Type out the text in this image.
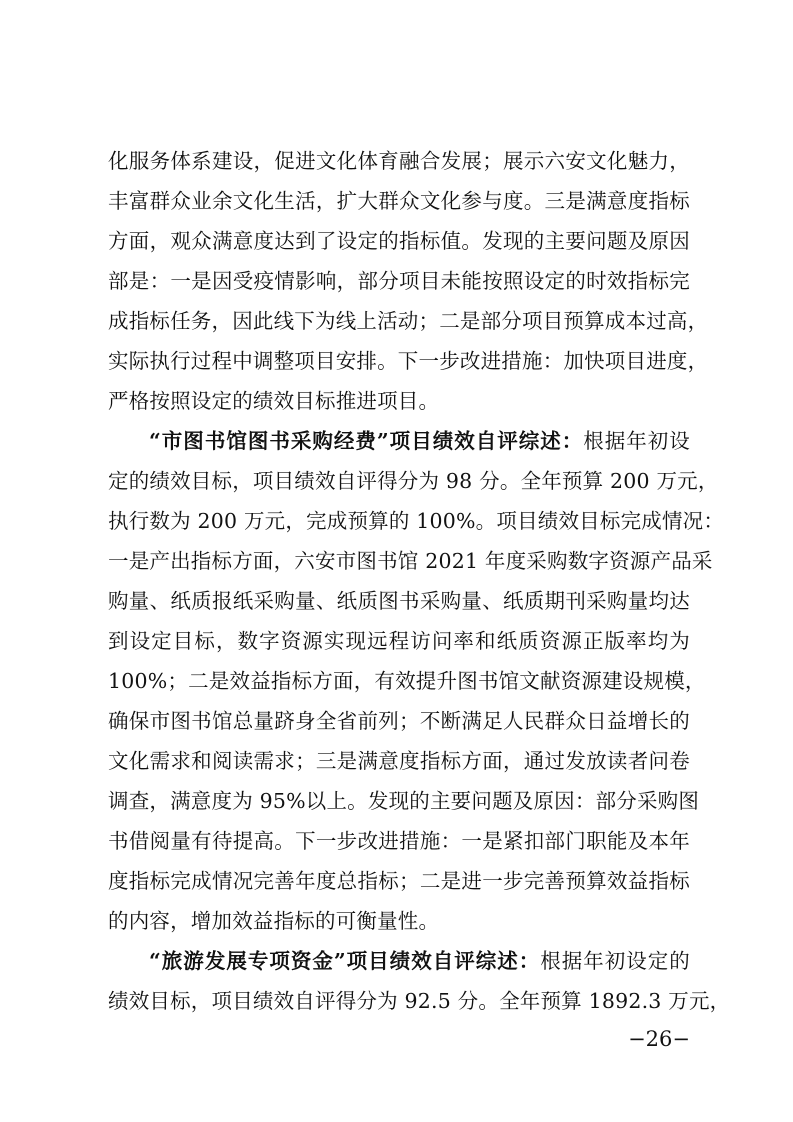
化服务体系建设，促进文化体育融合发展；展示六安文化魅力，
丰富群众业余文化生活，扩大群众文化参与度。三是满意度指标
方面，观众满意度达到了设定的指标值。发现的主要问题及原因
部是：一是因受疫情影响，部分项目未能按照设定的时效指标完
成指标任务，因此线下为线上活动；二是部分项目预算成本过高，
实际执行过程中调整项目安排。下一步改进措施：加快项目进度，
严格按照设定的绩效目标推进项目。
“市图书馆图书采购经费”项目绩效自评综述：根据年初设
定的绩效目标，项目绩效自评得分为 98 分。全年预算 200 万元，
执行数为 200 万元，完成预算的 100%。项目绩效目标完成情况：
一是产出指标方面，六安市图书馆 2021 年度采购数字资源产品采
购量、纸质报纸采购量、纸质图书采购量、纸质期刊采购量均达
到设定目标，数字资源实现远程访问率和纸质资源正版率均为
100%；二是效益指标方面，有效提升图书馆文献资源建设规模，
确保市图书馆总量跻身全省前列；不断满足人民群众日益增长的
文化需求和阅读需求；三是满意度指标方面，通过发放读者问卷
调查，满意度为 95%以上。发现的主要问题及原因：部分采购图
书借阅量有待提高。下一步改进措施：一是紧扣部门职能及本年
度指标完成情况完善年度总指标；二是进一步完善预算效益指标
的内容，增加效益指标的可衡量性。
“旅游发展专项资金”项目绩效自评综述：根据年初设定的
绩效目标，项目绩效自评得分为 92.5 分。全年预算 1892.3 万元，
−26−
